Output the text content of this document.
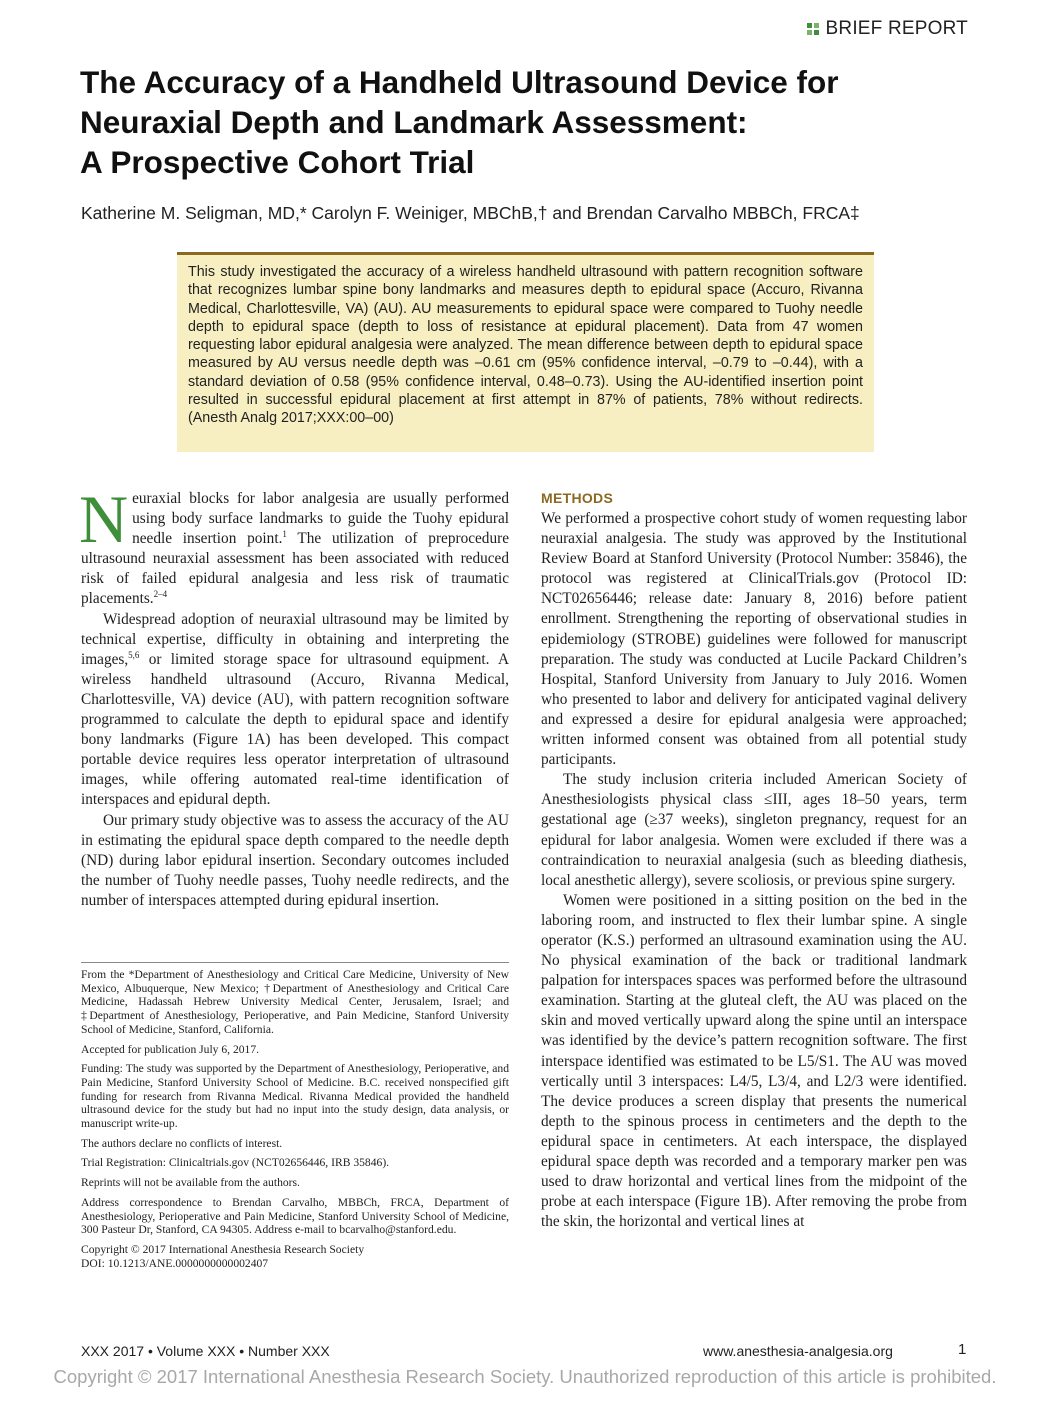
BRIEF REPORT
The Accuracy of a Handheld Ultrasound Device for
Neuraxial Depth and Landmark Assessment:
A Prospective Cohort Trial
Katherine M. Seligman, MD,* Carolyn F. Weiniger, MBChB,† and Brendan Carvalho MBBCh, FRCA‡

This study investigated the accuracy of a wireless handheld ultrasound with pattern recognition software that recognizes lumbar spine bony landmarks and measures depth to epidural space (Accuro, Rivanna Medical, Charlottesville, VA) (AU). AU measurements to epidural space were compared to Tuohy needle depth to epidural space (depth to loss of resistance at epidural placement). Data from 47 women requesting labor epidural analgesia were analyzed. The mean difference between depth to epidural space measured by AU versus needle depth was –0.61 cm (95% confidence interval, –0.79 to –0.44), with a standard deviation of 0.58 (95% confidence interval, 0.48–0.73). Using the AU-identified insertion point resulted in successful epidural placement at first attempt in 87% of patients, 78% without redirects. (Anesth Analg 2017;XXX:00–00)

Neuraxial blocks for labor analgesia are usually performed using body surface landmarks to guide the Tuohy epidural needle insertion point.$^1$ The utilization of preprocedure ultrasound neuraxial assessment has been associated with reduced risk of failed epidural analgesia and less risk of traumatic placements.$^{2-4}$

Widespread adoption of neuraxial ultrasound may be limited by technical expertise, difficulty in obtaining and interpreting the images,$^{5,6}$ or limited storage space for ultrasound equipment. A wireless handheld ultrasound (Accuro, Rivanna Medical, Charlottesville, VA) device (AU), with pattern recognition software programmed to calculate the depth to epidural space and identify bony landmarks (Figure 1A) has been developed. This compact portable device requires less operator interpretation of ultrasound images, while offering automated real-time identification of interspaces and epidural depth.

Our primary study objective was to assess the accuracy of the AU in estimating the epidural space depth compared to the needle depth (ND) during labor epidural insertion. Secondary outcomes included the number of Tuohy needle passes, Tuohy needle redirects, and the number of interspaces attempted during epidural insertion.

From the *Department of Anesthesiology and Critical Care Medicine, University of New Mexico, Albuquerque, New Mexico; †Department of Anesthesiology and Critical Care Medicine, Hadassah Hebrew University Medical Center, Jerusalem, Israel; and ‡Department of Anesthesiology, Perioperative, and Pain Medicine, Stanford University School of Medicine, Stanford, California.

Accepted for publication July 6, 2017.

Funding: The study was supported by the Department of Anesthesiology, Perioperative, and Pain Medicine, Stanford University School of Medicine. B.C. received nonspecified gift funding for research from Rivanna Medical. Rivanna Medical provided the handheld ultrasound device for the study but had no input into the study design, data analysis, or manuscript write-up.

The authors declare no conflicts of interest.

Trial Registration: Clinicaltrials.gov (NCT02656446, IRB 35846).

Reprints will not be available from the authors.

Address correspondence to Brendan Carvalho, MBBCh, FRCA, Department of Anesthesiology, Perioperative and Pain Medicine, Stanford University School of Medicine, 300 Pasteur Dr, Stanford, CA 94305. Address e-mail to bcarvalho@stanford.edu.

Copyright © 2017 International Anesthesia Research Society

DOI: 10.1213/ANE.0000000000002407

METHODS

We performed a prospective cohort study of women requesting labor neuraxial analgesia. The study was approved by the Institutional Review Board at Stanford University (Protocol Number: 35846), the protocol was registered at ClinicalTrials.gov (Protocol ID: NCT02656446; release date: January 8, 2016) before patient enrollment. Strengthening the reporting of observational studies in epidemiology (STROBE) guidelines were followed for manuscript preparation. The study was conducted at Lucile Packard Children’s Hospital, Stanford University from January to July 2016. Women who presented to labor and delivery for anticipated vaginal delivery and expressed a desire for epidural analgesia were approached; written informed consent was obtained from all potential study participants.

The study inclusion criteria included American Society of Anesthesiologists physical class ≤III, ages 18–50 years, term gestational age (≥37 weeks), singleton pregnancy, request for an epidural for labor analgesia. Women were excluded if there was a contraindication to neuraxial analgesia (such as bleeding diathesis, local anesthetic allergy), severe scoliosis, or previous spine surgery.

Women were positioned in a sitting position on the bed in the laboring room, and instructed to flex their lumbar spine. A single operator (K.S.) performed an ultrasound examination using the AU. No physical examination of the back or traditional landmark palpation for interspaces spaces was performed before the ultrasound examination. Starting at the gluteal cleft, the AU was placed on the skin and moved vertically upward along the spine until an interspace was identified by the device’s pattern recognition software. The first interspace identified was estimated to be L5/S1. The AU was moved vertically until 3 interspaces: L4/5, L3/4, and L2/3 were identified. The device produces a screen display that presents the numerical depth to the spinous process in centimeters and the depth to the epidural space in centimeters. At each interspace, the displayed epidural space depth was recorded and a temporary marker pen was used to draw horizontal and vertical lines from the midpoint of the probe at each interspace (Figure 1B). After removing the probe from the skin, the horizontal and vertical lines at

XXX 2017 • Volume XXX • Number XXX	www.anesthesia-analgesia.org	1
Copyright © 2017 International Anesthesia Research Society. Unauthorized reproduction of this article is prohibited.
